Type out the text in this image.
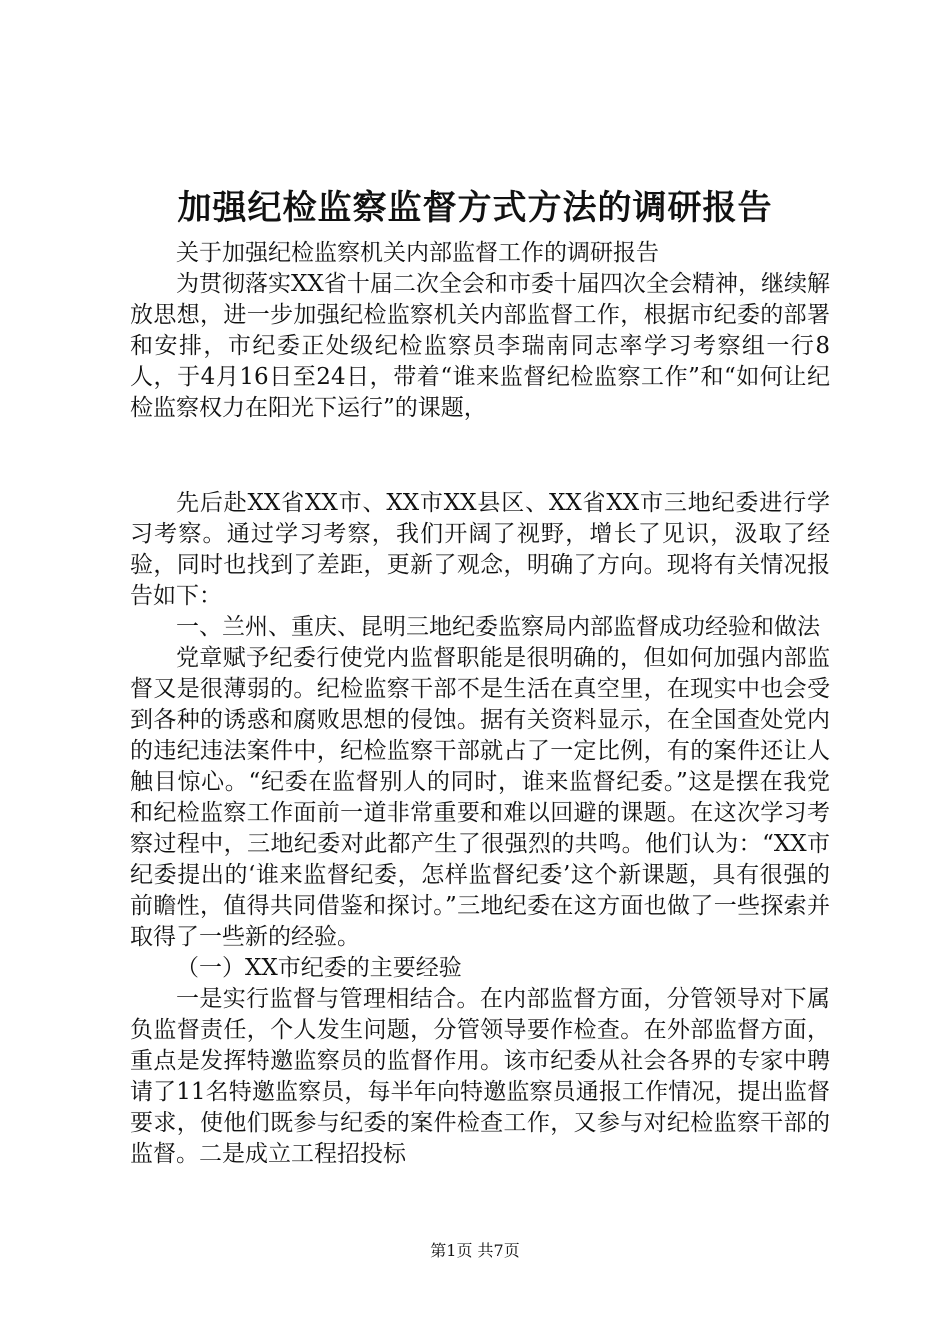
加强纪检监察监督方式方法的调研报告

关于加强纪检监察机关内部监督工作的调研报告

为贯彻落实XX省十届二次全会和市委十届四次全会精神，继续解放思想，进一步加强纪检监察机关内部监督工作，根据市纪委的部署和安排，市纪委正处级纪检监察员李瑞南同志率学习考察组一行8人，于4月16日至24日，带着“谁来监督纪检监察工作”和“如何让纪检监察权力在阳光下运行”的课题，

先后赴XX省XX市、XX市XX县区、XX省XX市三地纪委进行学习考察。通过学习考察，我们开阔了视野，增长了见识，汲取了经验，同时也找到了差距，更新了观念，明确了方向。现将有关情况报告如下：

一、兰州、重庆、昆明三地纪委监察局内部监督成功经验和做法

党章赋予纪委行使党内监督职能是很明确的，但如何加强内部监督又是很薄弱的。纪检监察干部不是生活在真空里，在现实中也会受到各种的诱惑和腐败思想的侵蚀。据有关资料显示，在全国查处党内的违纪违法案件中，纪检监察干部就占了一定比例，有的案件还让人触目惊心。“纪委在监督别人的同时，谁来监督纪委。”这是摆在我党和纪检监察工作面前一道非常重要和难以回避的课题。在这次学习考察过程中，三地纪委对此都产生了很强烈的共鸣。他们认为：“XX市纪委提出的‘谁来监督纪委，怎样监督纪委’这个新课题，具有很强的前瞻性，值得共同借鉴和探讨。”三地纪委在这方面也做了一些探索并取得了一些新的经验。

（一）XX市纪委的主要经验

一是实行监督与管理相结合。在内部监督方面，分管领导对下属负监督责任，个人发生问题，分管领导要作检查。在外部监督方面，重点是发挥特邀监察员的监督作用。该市纪委从社会各界的专家中聘请了11名特邀监察员，每半年向特邀监察员通报工作情况，提出监督要求，使他们既参与纪委的案件检查工作，又参与对纪检监察干部的监督。二是成立工程招投标

第1页 共7页
